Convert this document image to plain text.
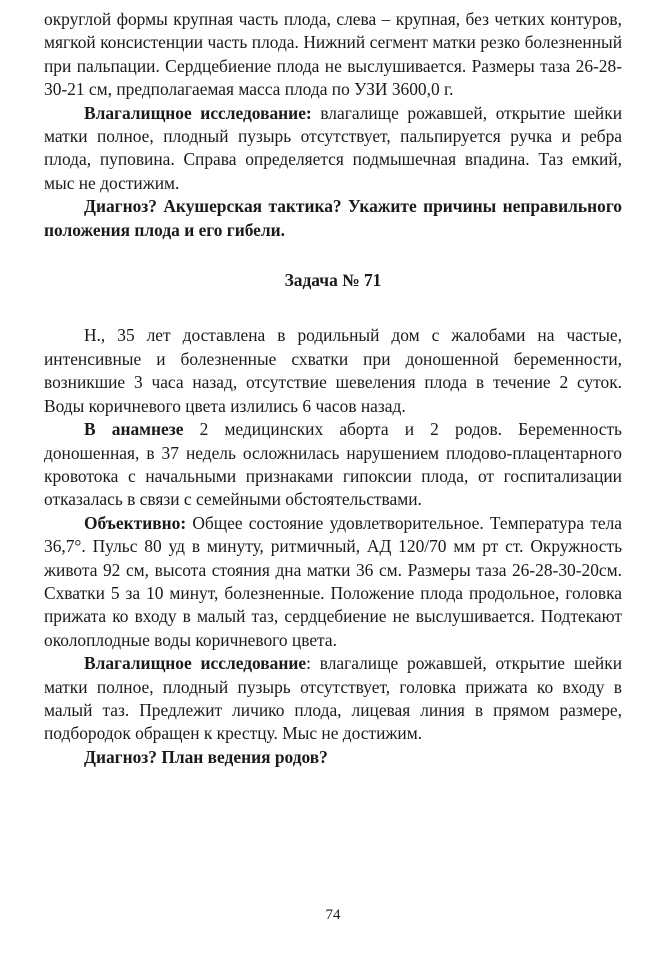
округлой формы крупная часть плода, слева – крупная, без четких контуров, мягкой консистенции часть плода. Нижний сегмент матки резко болезненный при пальпации. Сердцебиение плода не выслушивается. Размеры таза 26-28-30-21 см, предполагаемая масса плода по УЗИ 3600,0 г.

Влагалищное исследование: влагалище рожавшей, открытие шейки матки полное, плодный пузырь отсутствует, пальпируется ручка и ребра плода, пуповина. Справа определяется подмышечная впадина. Таз емкий, мыс не достижим.

Диагноз? Акушерская тактика? Укажите причины неправильного положения плода и его гибели.

Задача № 71

Н., 35 лет доставлена в родильный дом с жалобами на частые, интенсивные и болезненные схватки при доношенной беременности, возникшие 3 часа назад, отсутствие шевеления плода в течение 2 суток. Воды коричневого цвета излились 6 часов назад.

В анамнезе 2 медицинских аборта и 2 родов. Беременность доношенная, в 37 недель осложнилась нарушением плодово-плацентарного кровотока с начальными признаками гипоксии плода, от госпитализации отказалась в связи с семейными обстоятельствами.

Объективно: Общее состояние удовлетворительное. Температура тела 36,7°. Пульс 80 уд в минуту, ритмичный, АД 120/70 мм рт ст. Окружность живота 92 см, высота стояния дна матки 36 см. Размеры таза 26-28-30-20см. Схватки 5 за 10 минут, болезненные. Положение плода продольное, головка прижата ко входу в малый таз, сердцебиение не выслушивается. Подтекают околоплодные воды коричневого цвета.

Влагалищное исследование: влагалище рожавшей, открытие шейки матки полное, плодный пузырь отсутствует, головка прижата ко входу в малый таз. Предлежит личико плода, лицевая линия в прямом размере, подбородок обращен к крестцу. Мыс не достижим.

Диагноз? План ведения родов?

74
